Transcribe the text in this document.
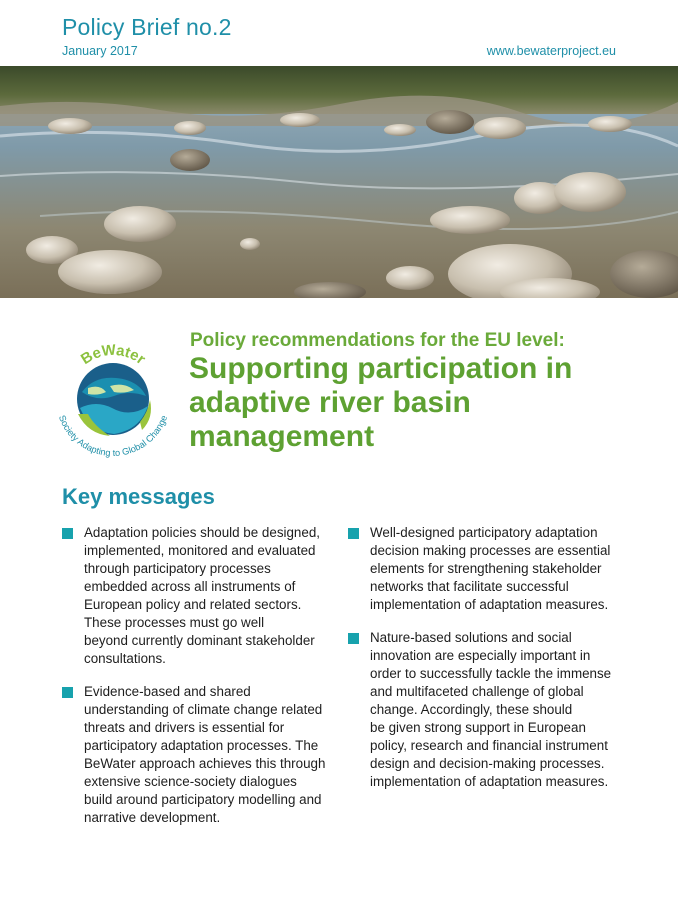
Policy Brief no.2
January 2017	www.bewaterproject.eu
BeWater
Society Adapting to Global Change
Policy recommendations for the EU level:
Supporting participation in adaptive river basin management
Key messages
Adaptation policies should be designed,
implemented, monitored and evaluated
through participatory processes
embedded across all instruments of
European policy and related sectors.
These processes must go well
beyond currently dominant stakeholder
consultations.
Evidence-based and shared
understanding of climate change related
threats and drivers is essential for
participatory adaptation processes. The
BeWater approach achieves this through
extensive science-society dialogues
build around participatory modelling and
narrative development.
Well-designed participatory adaptation
decision making processes are essential
elements for strengthening stakeholder
networks that facilitate successful
implementation of adaptation measures.
Nature-based solutions and social
innovation are especially important in
order to successfully tackle the immense
and multifaceted challenge of global
change. Accordingly, these should
be given strong support in European
policy, research and financial instrument
design and decision-making processes.
implementation of adaptation measures.
